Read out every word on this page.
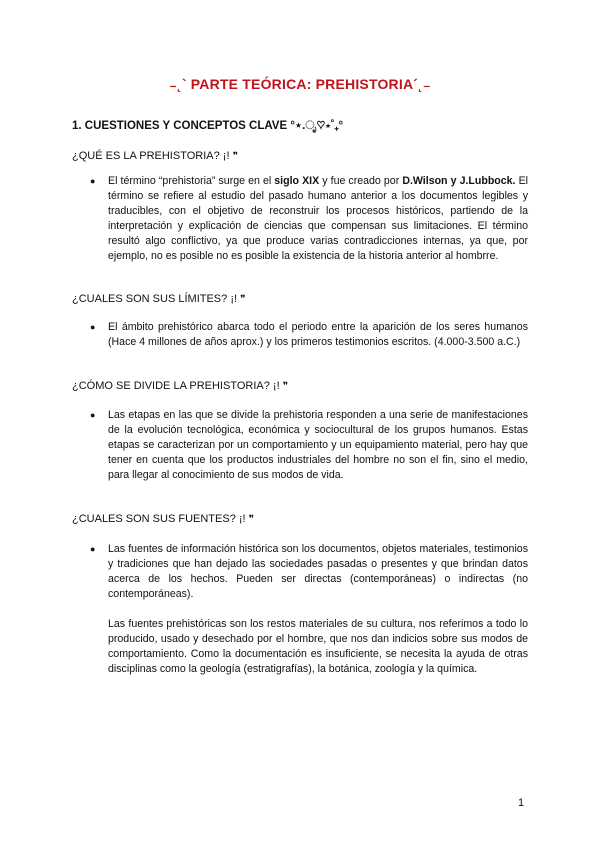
₋˛` PARTE TEÓRICA: PREHISTORIA´˛₋
1. CUESTIONES Y CONCEPTOS CLAVE °⋆.ೃ♡⋆˚₊°
¿QUÉ ES LA PREHISTORIA? ¡! ❞
● El término “prehistoria” surge en el siglo XIX y fue creado por D.Wilson y J.Lubbock. El término se refiere al estudio del pasado humano anterior a los documentos legibles y traducibles, con el objetivo de reconstruir los procesos históricos, partiendo de la interpretación y explicación de ciencias que compensan sus limitaciones. El término resultó algo conflictivo, ya que produce varias contradicciones internas, ya que, por ejemplo, no es posible no es posible la existencia de la historia anterior al hombrre.

¿CUALES SON SUS LÍMITES? ¡! ❞
● El ámbito prehistórico abarca todo el periodo entre la aparición de los seres humanos (Hace 4 millones de años aprox.) y los primeros testimonios escritos. (4.000-3.500 a.C.)

¿CÓMO SE DIVIDE LA PREHISTORIA? ¡! ❞
● Las etapas en las que se divide la prehistoria responden a una serie de manifestaciones de la evolución tecnológica, económica y sociocultural de los grupos humanos. Estas etapas se caracterizan por un comportamiento y un equipamiento material, pero hay que tener en cuenta que los productos industriales del hombre no son el fin, sino el medio, para llegar al conocimiento de sus modos de vida.

¿CUALES SON SUS FUENTES? ¡! ❞
● Las fuentes de información histórica son los documentos, objetos materiales, testimonios y tradiciones que han dejado las sociedades pasadas o presentes y que brindan datos acerca de los hechos. Pueden ser directas (contemporáneas) o indirectas (no contemporáneas).

Las fuentes prehistóricas son los restos materiales de su cultura, nos referimos a todo lo producido, usado y desechado por el hombre, que nos dan indicios sobre sus modos de comportamiento. Como la documentación es insuficiente, se necesita la ayuda de otras disciplinas como la geología (estratigrafías), la botánica, zoología y la química.

1
